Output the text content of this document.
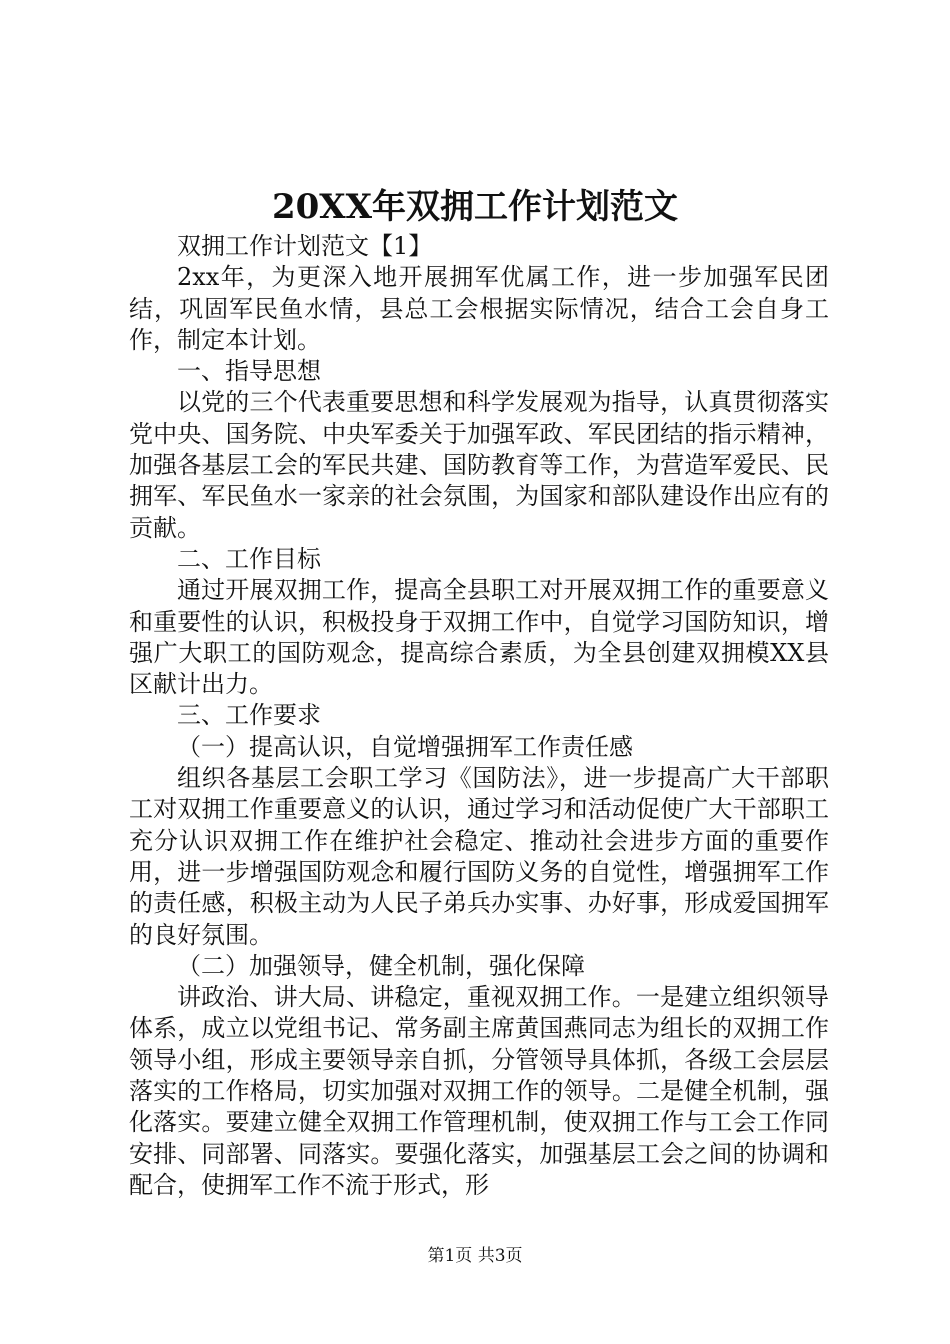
20XX年双拥工作计划范文

双拥工作计划范文【1】

2xx年，为更深入地开展拥军优属工作，进一步加强军民团结，巩固军民鱼水情，县总工会根据实际情况，结合工会自身工作，制定本计划。

一、指导思想

以党的三个代表重要思想和科学发展观为指导，认真贯彻落实党中央、国务院、中央军委关于加强军政、军民团结的指示精神，加强各基层工会的军民共建、国防教育等工作，为营造军爱民、民拥军、军民鱼水一家亲的社会氛围，为国家和部队建设作出应有的贡献。

二、工作目标

通过开展双拥工作，提高全县职工对开展双拥工作的重要意义和重要性的认识，积极投身于双拥工作中，自觉学习国防知识，增强广大职工的国防观念，提高综合素质，为全县创建双拥模XX县区献计出力。

三、工作要求

（一）提高认识，自觉增强拥军工作责任感

组织各基层工会职工学习《国防法》，进一步提高广大干部职工对双拥工作重要意义的认识，通过学习和活动促使广大干部职工充分认识双拥工作在维护社会稳定、推动社会进步方面的重要作用，进一步增强国防观念和履行国防义务的自觉性，增强拥军工作的责任感，积极主动为人民子弟兵办实事、办好事，形成爱国拥军的良好氛围。

（二）加强领导，健全机制，强化保障

讲政治、讲大局、讲稳定，重视双拥工作。一是建立组织领导体系，成立以党组书记、常务副主席黄国燕同志为组长的双拥工作领导小组，形成主要领导亲自抓，分管领导具体抓，各级工会层层落实的工作格局，切实加强对双拥工作的领导。二是健全机制，强化落实。要建立健全双拥工作管理机制，使双拥工作与工会工作同安排、同部署、同落实。要强化落实，加强基层工会之间的协调和配合，使拥军工作不流于形式，形

第1页 共3页
